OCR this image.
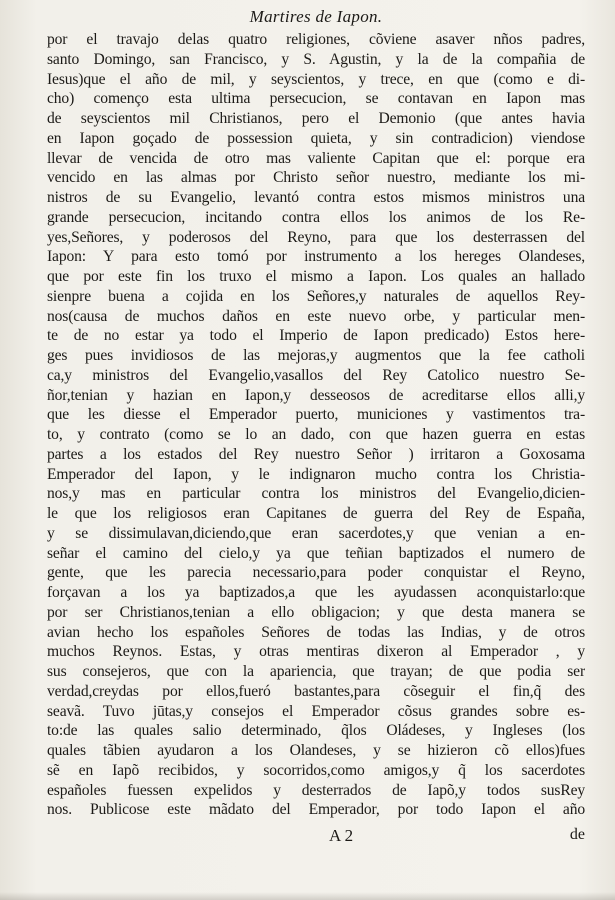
Martires de Iapon.
por el travajo delas quatro religiones, cõviene asaver nños padres,
santo Domingo, san Francisco, y S. Agustin, y la de la compañia de
Iesus)que el año de mil, y seyscientos, y trece, en que (como e di-
cho) començo esta ultima persecucion, se contavan en Iapon mas
de seyscientos mil Christianos, pero el Demonio (que antes havia
en Iapon goçado de possession quieta, y sin contradicion) viendose
llevar de vencida de otro mas valiente Capitan que el: porque era
vencido en las almas por Christo señor nuestro, mediante los mi-
nistros de su Evangelio, levantó contra estos mismos ministros una
grande persecucion, incitando contra ellos los animos de los Re-
yes,Señores, y poderosos del Reyno, para que los desterrassen del
Iapon: Y para esto tomó por instrumento a los hereges Olandeses,
que por este fin los truxo el mismo a Iapon. Los quales an hallado
sienpre buena a cojida en los Señores,y naturales de aquellos Rey-
nos(causa de muchos daños en este nuevo orbe, y particular men-
te de no estar ya todo el Imperio de Iapon predicado) Estos here-
ges pues invidiosos de las mejoras,y augmentos que la fee catholi
ca,y ministros del Evangelio,vasallos del Rey Catolico nuestro Se-
ñor,tenian y hazian en Iapon,y desseosos de acreditarse ellos alli,y
que les diesse el Emperador puerto, municiones y vastimentos tra-
to, y contrato (como se lo an dado, con que hazen guerra en estas
partes a los estados del Rey nuestro Señor ) irritaron a Goxosama
Emperador del Iapon, y le indignaron mucho contra los Christia-
nos,y mas en particular contra los ministros del Evangelio,dicien-
le que los religiosos eran Capitanes de guerra del Rey de España,
y se dissimulavan,diciendo,que eran sacerdotes,y que venian a en-
señar el camino del cielo,y ya que teñian baptizados el numero de
gente, que les parecia necessario,para poder conquistar el Reyno,
forçavan a los ya baptizados,a que les ayudassen aconquistarlo:que
por ser Christianos,tenian a ello obligacion; y que desta manera se
avian hecho los españoles Señores de todas las Indias, y de otros
muchos Reynos. Estas, y otras mentiras dixeron al Emperador , y
sus consejeros, que con la apariencia, que trayan; de que podia ser
verdad,creydas por ellos,fueró bastantes,para cõseguir el fin,q̃ des
seavã. Tuvo jūtas,y consejos el Emperador cõsus grandes sobre es-
to:de las quales salio determinado, q̃los Oládeses, y Ingleses (los
quales tãbien ayudaron a los Olandeses, y se hizieron cõ ellos)fues
sẽ en Iapõ recibidos, y socorridos,como amigos,y q̃ los sacerdotes
españoles fuessen expelidos y desterrados de Iapõ,y todos susRey
nos. Publicose este mãdato del Emperador, por todo Iapon el año
A 2	de
